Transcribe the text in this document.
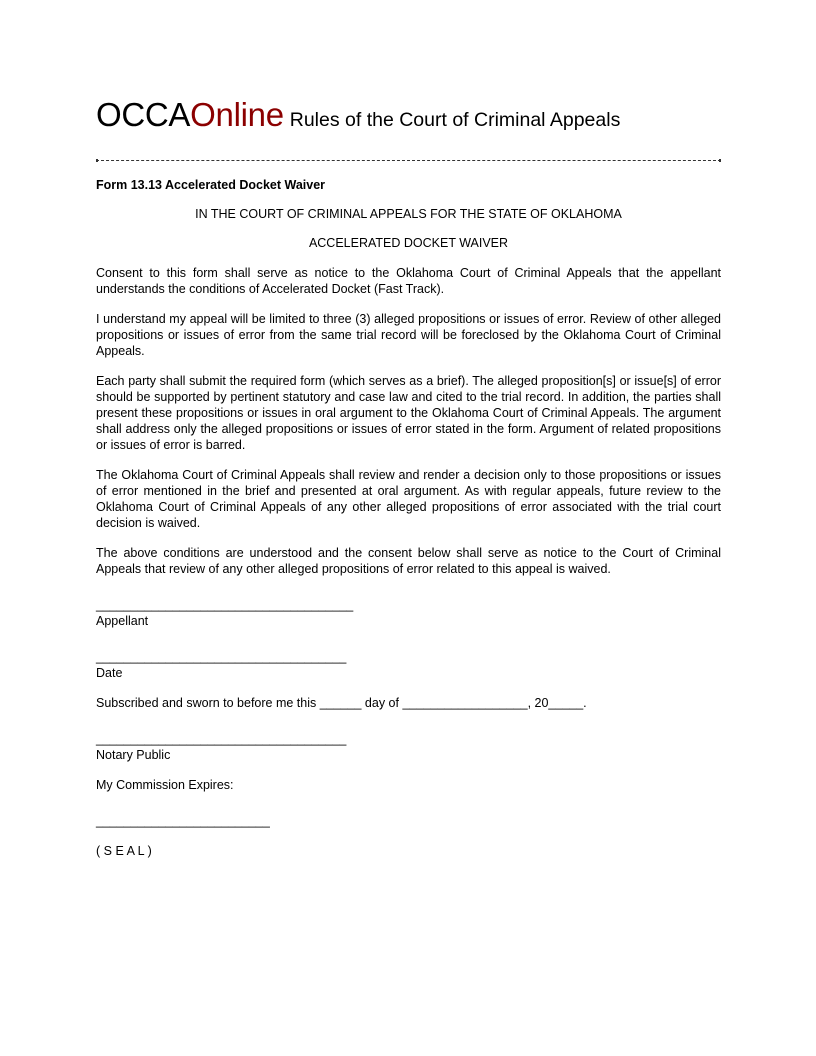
OCCAOnline Rules of the Court of Criminal Appeals
Form 13.13 Accelerated Docket Waiver
IN THE COURT OF CRIMINAL APPEALS FOR THE STATE OF OKLAHOMA
ACCELERATED DOCKET WAIVER

Consent to this form shall serve as notice to the Oklahoma Court of Criminal Appeals that the appellant understands the conditions of Accelerated Docket (Fast Track).

I understand my appeal will be limited to three (3) alleged propositions or issues of error. Review of other alleged propositions or issues of error from the same trial record will be foreclosed by the Oklahoma Court of Criminal Appeals.

Each party shall submit the required form (which serves as a brief). The alleged proposition[s] or issue[s] of error should be supported by pertinent statutory and case law and cited to the trial record. In addition, the parties shall present these propositions or issues in oral argument to the Oklahoma Court of Criminal Appeals. The argument shall address only the alleged propositions or issues of error stated in the form. Argument of related propositions or issues of error is barred.

The Oklahoma Court of Criminal Appeals shall review and render a decision only to those propositions or issues of error mentioned in the brief and presented at oral argument. As with regular appeals, future review to the Oklahoma Court of Criminal Appeals of any other alleged propositions of error associated with the trial court decision is waived.

The above conditions are understood and the consent below shall serve as notice to the Court of Criminal Appeals that review of any other alleged propositions of error related to this appeal is waived.

_____________________________________
Appellant
____________________________________
Date
Subscribed and sworn to before me this ______ day of __________________, 20_____.
____________________________________
Notary Public
My Commission Expires:
_________________________
( S E A L )
